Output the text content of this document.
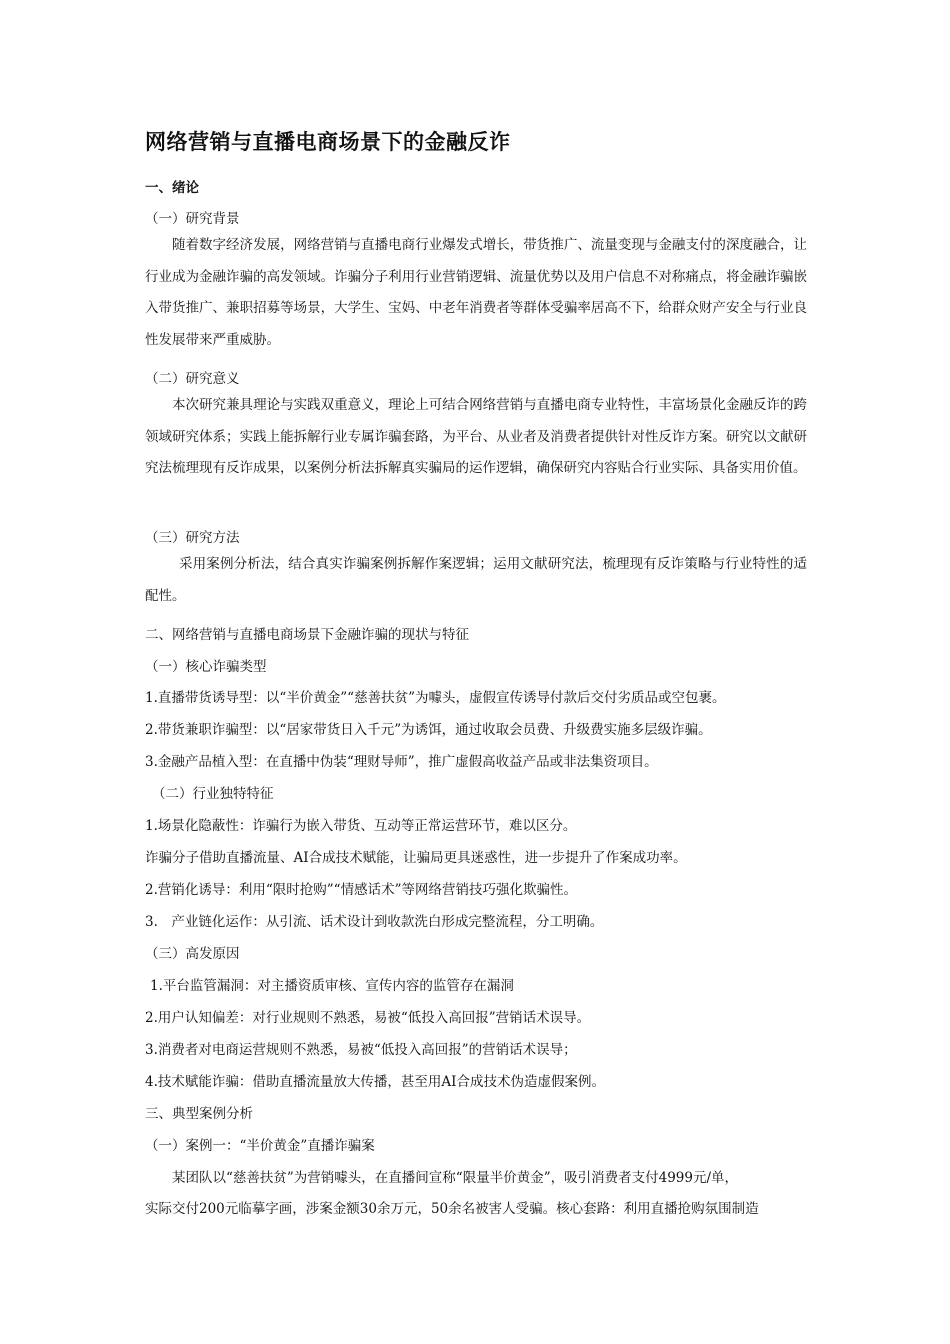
网络营销与直播电商场景下的金融反诈
一、绪论
（一）研究背景
随着数字经济发展，网络营销与直播电商行业爆发式增长，带货推广、流量变现与金融支付的深度融合，让行业成为金融诈骗的高发领域。诈骗分子利用行业营销逻辑、流量优势以及用户信息不对称痛点，将金融诈骗嵌入带货推广、兼职招募等场景，大学生、宝妈、中老年消费者等群体受骗率居高不下，给群众财产安全与行业良性发展带来严重威胁。
（二）研究意义
本次研究兼具理论与实践双重意义，理论上可结合网络营销与直播电商专业特性，丰富场景化金融反诈的跨领域研究体系；实践上能拆解行业专属诈骗套路，为平台、从业者及消费者提供针对性反诈方案。研究以文献研究法梳理现有反诈成果，以案例分析法拆解真实骗局的运作逻辑，确保研究内容贴合行业实际、具备实用价值。
（三）研究方法
采用案例分析法，结合真实诈骗案例拆解作案逻辑；运用文献研究法，梳理现有反诈策略与行业特性的适配性。
二、网络营销与直播电商场景下金融诈骗的现状与特征
（一）核心诈骗类型
1.直播带货诱导型：以“半价黄金”“慈善扶贫”为噱头，虚假宣传诱导付款后交付劣质品或空包裹。
2.带货兼职诈骗型：以“居家带货日入千元”为诱饵，通过收取会员费、升级费实施多层级诈骗。
3.金融产品植入型：在直播中伪装“理财导师”，推广虚假高收益产品或非法集资项目。
（二）行业独特特征
1.场景化隐蔽性：诈骗行为嵌入带货、互动等正常运营环节，难以区分。
诈骗分子借助直播流量、AI合成技术赋能，让骗局更具迷惑性，进一步提升了作案成功率。
2.营销化诱导：利用“限时抢购”“情感话术”等网络营销技巧强化欺骗性。
3.　产业链化运作：从引流、话术设计到收款洗白形成完整流程，分工明确。
（三）高发原因
1.平台监管漏洞：对主播资质审核、宣传内容的监管存在漏洞
2.用户认知偏差：对行业规则不熟悉，易被“低投入高回报”营销话术误导。
3.消费者对电商运营规则不熟悉，易被“低投入高回报”的营销话术误导；
4.技术赋能诈骗：借助直播流量放大传播，甚至用AI合成技术伪造虚假案例。
三、典型案例分析
（一）案例一：“半价黄金”直播诈骗案
某团队以“慈善扶贫”为营销噱头，在直播间宣称“限量半价黄金”，吸引消费者支付4999元/单，
实际交付200元临摹字画，涉案金额30余万元，50余名被害人受骗。核心套路：利用直播抢购氛围制造
